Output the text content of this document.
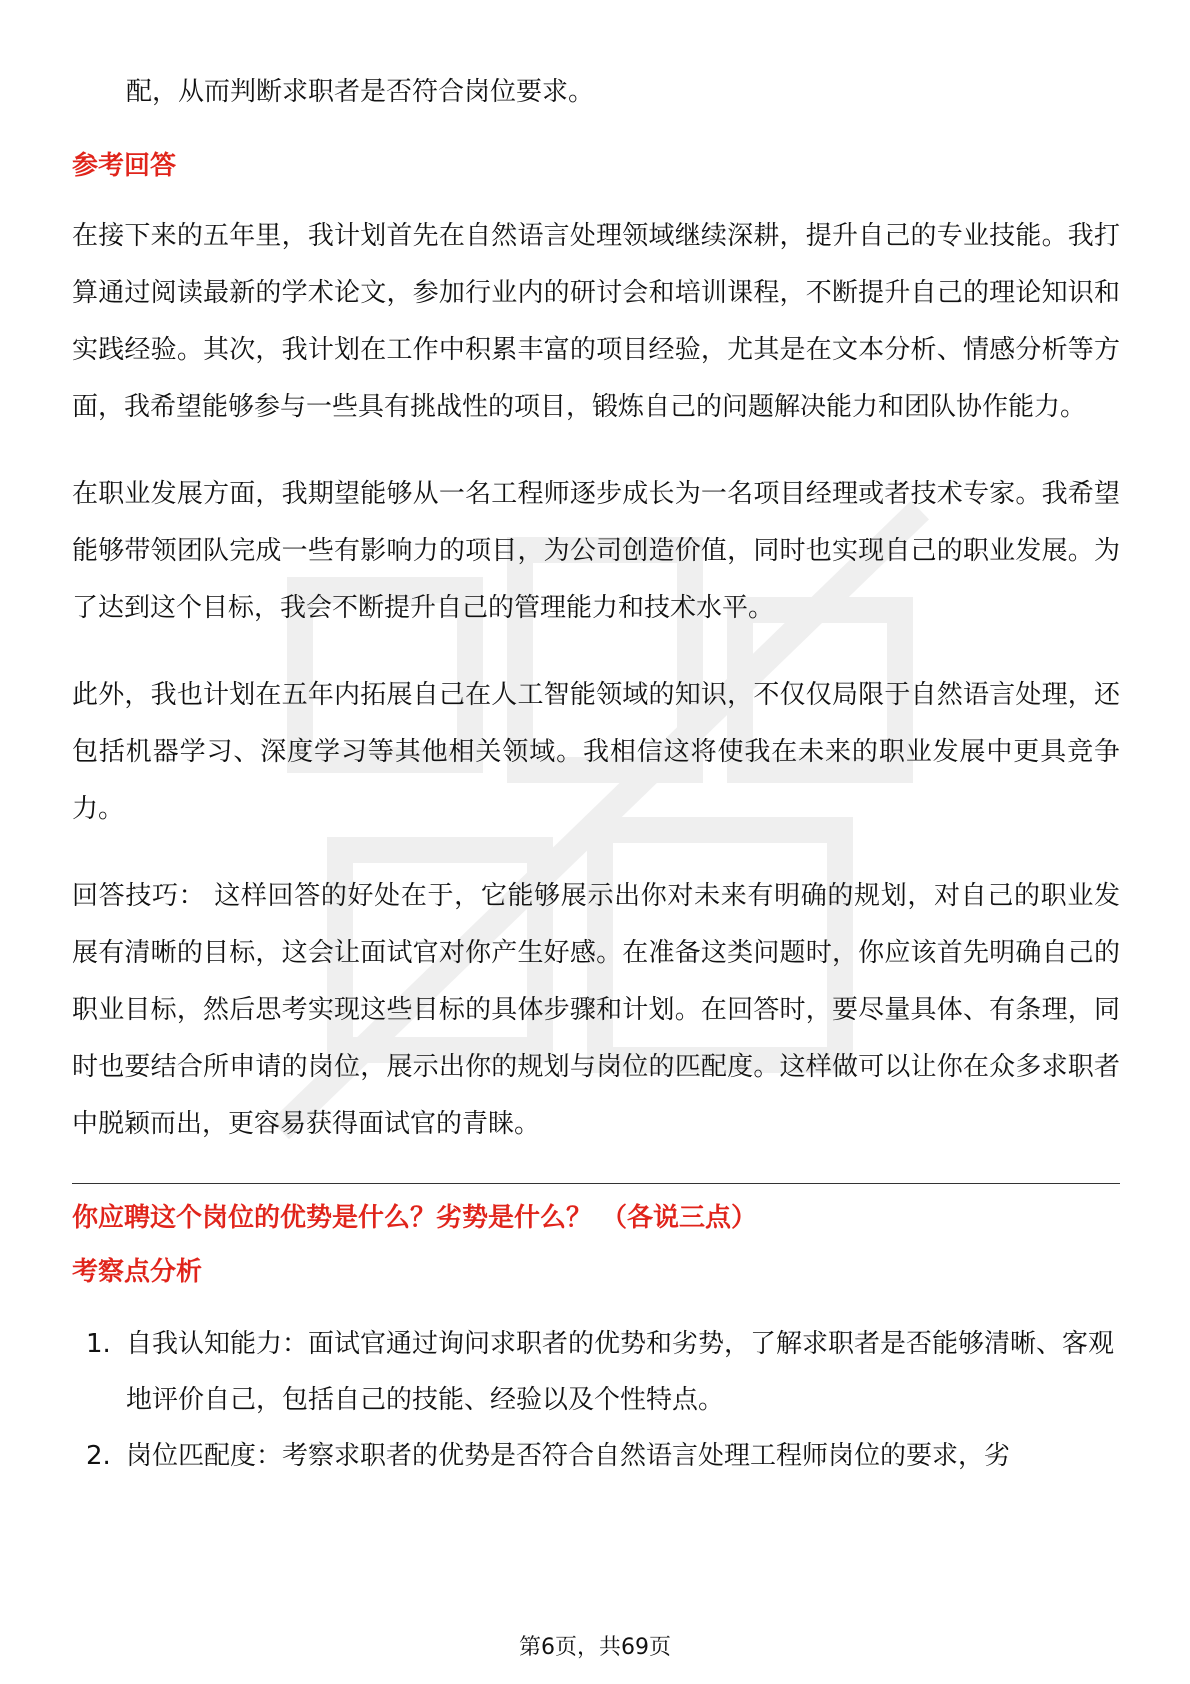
配，从而判断求职者是否符合岗位要求。

参考回答

在接下来的五年里，我计划首先在自然语言处理领域继续深耕，提升自己的专业技能。我打算通过阅读最新的学术论文，参加行业内的研讨会和培训课程，不断提升自己的理论知识和实践经验。其次，我计划在工作中积累丰富的项目经验，尤其是在文本分析、情感分析等方面，我希望能够参与一些具有挑战性的项目，锻炼自己的问题解决能力和团队协作能力。

在职业发展方面，我期望能够从一名工程师逐步成长为一名项目经理或者技术专家。我希望能够带领团队完成一些有影响力的项目，为公司创造价值，同时也实现自己的职业发展。为了达到这个目标，我会不断提升自己的管理能力和技术水平。

此外，我也计划在五年内拓展自己在人工智能领域的知识，不仅仅局限于自然语言处理，还包括机器学习、深度学习等其他相关领域。我相信这将使我在未来的职业发展中更具竞争力。

回答技巧： 这样回答的好处在于，它能够展示出你对未来有明确的规划，对自己的职业发展有清晰的目标，这会让面试官对你产生好感。在准备这类问题时，你应该首先明确自己的职业目标，然后思考实现这些目标的具体步骤和计划。在回答时，要尽量具体、有条理，同时也要结合所申请的岗位，展示出你的规划与岗位的匹配度。这样做可以让你在众多求职者中脱颖而出，更容易获得面试官的青睐。

你应聘这个岗位的优势是什么？劣势是什么？ （各说三点）
考察点分析
1. 自我认知能力：面试官通过询问求职者的优势和劣势，了解求职者是否能够清晰、客观地评价自己，包括自己的技能、经验以及个性特点。
2. 岗位匹配度：考察求职者的优势是否符合自然语言处理工程师岗位的要求，劣
第6页，共69页
